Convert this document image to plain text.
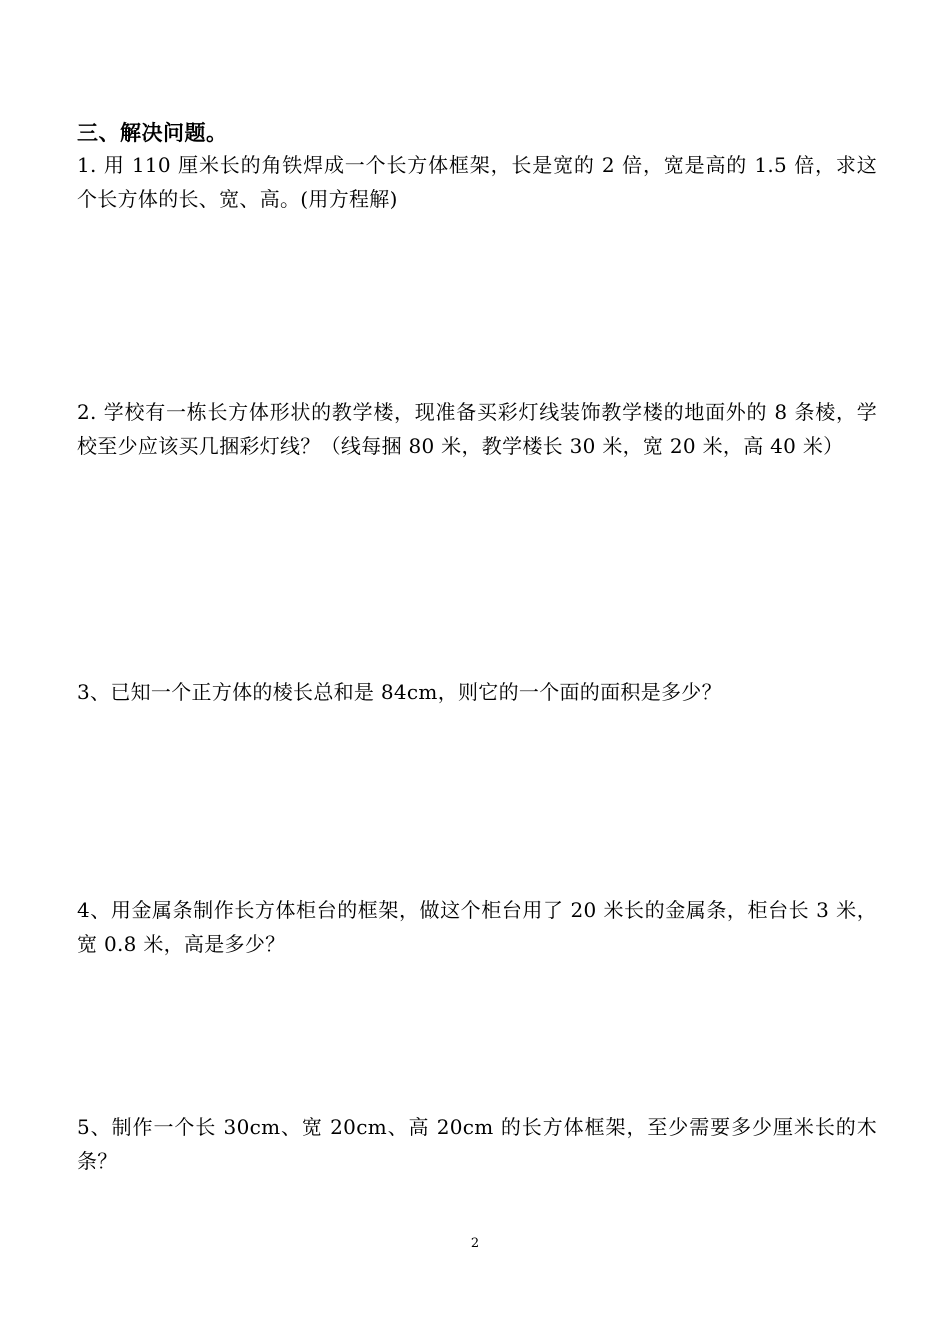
三、解决问题。
1. 用 110 厘米长的角铁焊成一个长方体框架，长是宽的 2 倍，宽是高的 1.5 倍，求这个长方体的长、宽、高。(用方程解)
2. 学校有一栋长方体形状的教学楼，现准备买彩灯线装饰教学楼的地面外的 8 条棱，学校至少应该买几捆彩灯线？（线每捆 80 米，教学楼长 30 米，宽 20 米，高 40 米）
3、已知一个正方体的棱长总和是 84cm，则它的一个面的面积是多少？
4、用金属条制作长方体柜台的框架，做这个柜台用了 20 米长的金属条，柜台长 3 米，宽 0.8 米，高是多少？
5、制作一个长 30cm、宽 20cm、高 20cm 的长方体框架，至少需要多少厘米长的木条？
2
